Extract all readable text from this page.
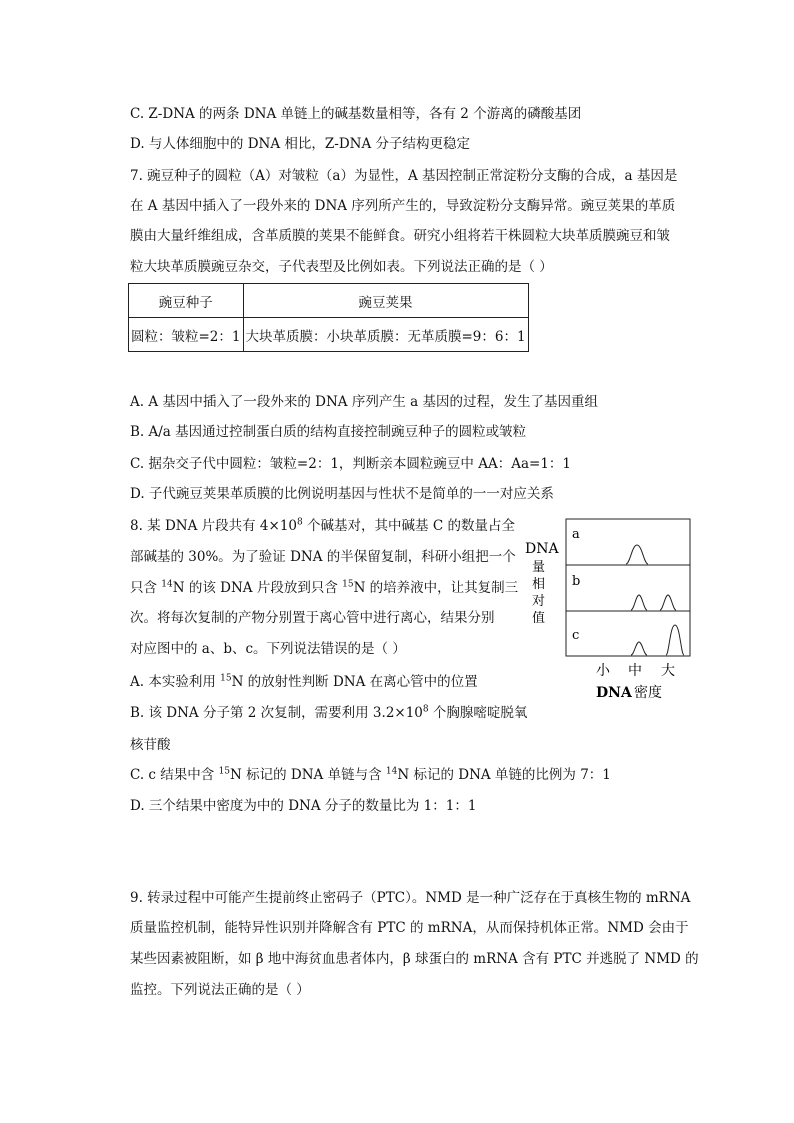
C. Z-DNA 的两条 DNA 单链上的碱基数量相等，各有 2 个游离的磷酸基团
D. 与人体细胞中的 DNA 相比，Z-DNA 分子结构更稳定
7. 豌豆种子的圆粒（A）对皱粒（a）为显性，A 基因控制正常淀粉分支酶的合成，a 基因是
在 A 基因中插入了一段外来的 DNA 序列所产生的，导致淀粉分支酶异常。豌豆荚果的革质
膜由大量纤维组成，含革质膜的荚果不能鲜食。研究小组将若干株圆粒大块革质膜豌豆和皱
粒大块革质膜豌豆杂交，子代表型及比例如表。下列说法正确的是（ ）
豌豆种子	豌豆荚果
圆粒：皱粒=2：1	大块革质膜：小块革质膜：无革质膜=9：6：1
A. A 基因中插入了一段外来的 DNA 序列产生 a 基因的过程，发生了基因重组
B. A/a 基因通过控制蛋白质的结构直接控制豌豆种子的圆粒或皱粒
C. 据杂交子代中圆粒：皱粒=2：1，判断亲本圆粒豌豆中 AA：Aa=1：1
D. 子代豌豆荚果革质膜的比例说明基因与性状不是简单的一一对应关系
8. 某 DNA 片段共有 $4\times 10^8$ 个碱基对，其中碱基 C 的数量占全
部碱基的 30%。为了验证 DNA 的半保留复制，科研小组把一个
只含 $^{14}$N 的该 DNA 片段放到只含 $^{15}$N 的培养液中，让其复制三
次。将每次复制的产物分别置于离心管中进行离心，结果分别
对应图中的 a、b、c。下列说法错误的是（ ）
A. 本实验利用 $^{15}$N 的放射性判断 DNA 在离心管中的位置
B. 该 DNA 分子第 2 次复制，需要利用 $3.2\times 10^8$ 个胸腺嘧啶脱氧
核苷酸
C. c 结果中含 $^{15}$N 标记的 DNA 单链与含 $^{14}$N 标记的 DNA 单链的比例为 7：1
D. 三个结果中密度为中的 DNA 分子的数量比为 1：1：1
DNA
量
相
对
值
a
b
c
小 中 大
DNA 密度
9. 转录过程中可能产生提前终止密码子（PTC）。NMD 是一种广泛存在于真核生物的 mRNA
质量监控机制，能特异性识别并降解含有 PTC 的 mRNA，从而保持机体正常。NMD 会由于
某些因素被阻断，如 β 地中海贫血患者体内，β 球蛋白的 mRNA 含有 PTC 并逃脱了 NMD 的
监控。下列说法正确的是（ ）
